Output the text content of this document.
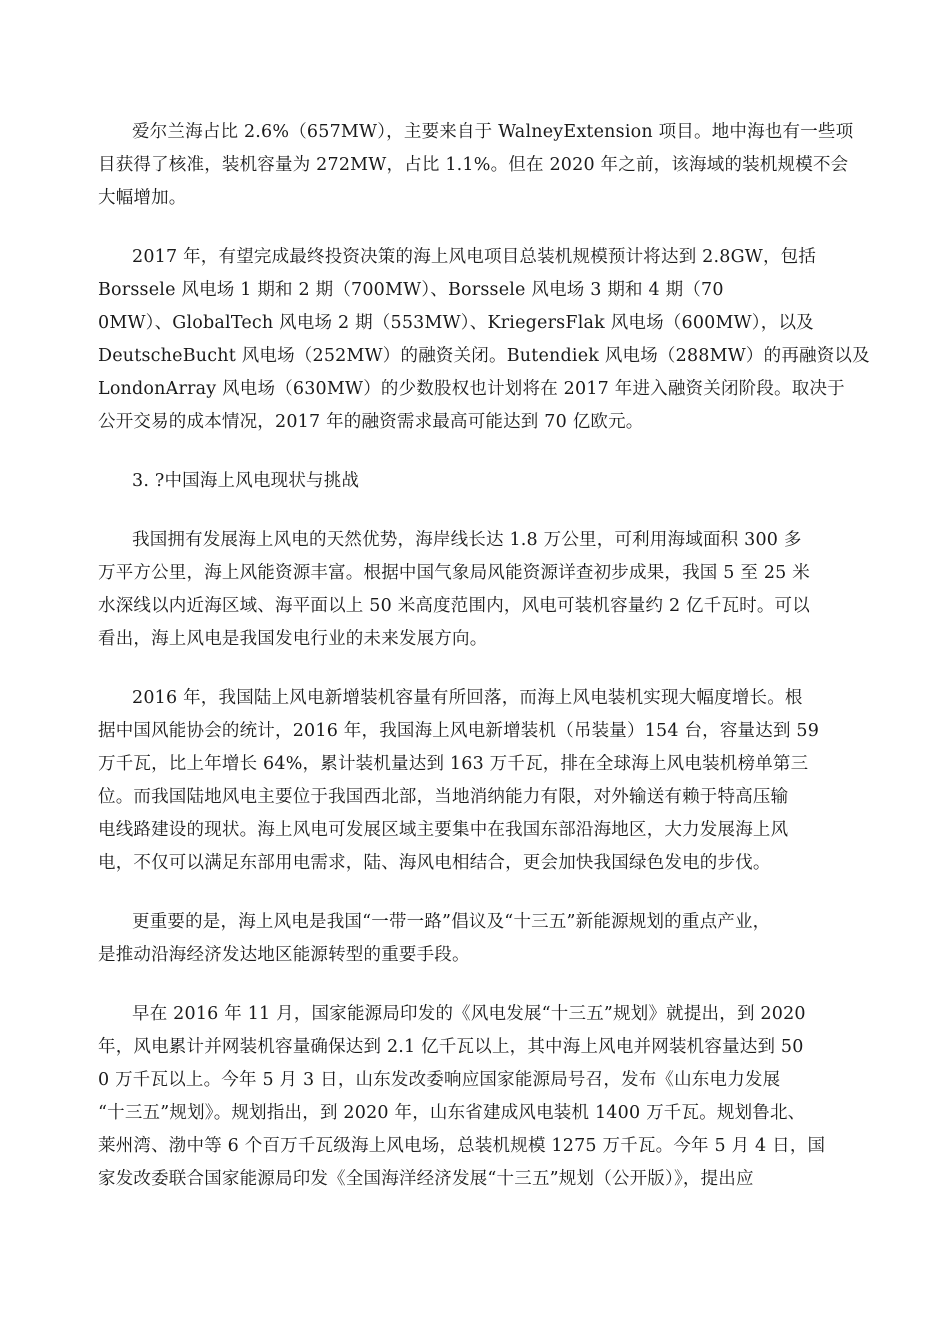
爱尔兰海占比 2.6%（657MW），主要来自于 WalneyExtension 项目。地中海也有一些项
目获得了核准，装机容量为 272MW，占比 1.1%。但在 2020 年之前，该海域的装机规模不会
大幅增加。
2017 年，有望完成最终投资决策的海上风电项目总装机规模预计将达到 2.8GW，包括
Borssele 风电场 1 期和 2 期（700MW）、Borssele 风电场 3 期和 4 期（70
0MW）、GlobalTech 风电场 2 期（553MW）、KriegersFlak 风电场（600MW），以及
DeutscheBucht 风电场（252MW）的融资关闭。Butendiek 风电场（288MW）的再融资以及
LondonArray 风电场（630MW）的少数股权也计划将在 2017 年进入融资关闭阶段。取决于
公开交易的成本情况，2017 年的融资需求最高可能达到 70 亿欧元。
3. ?中国海上风电现状与挑战
我国拥有发展海上风电的天然优势，海岸线长达 1.8 万公里，可利用海域面积 300 多
万平方公里，海上风能资源丰富。根据中国气象局风能资源详查初步成果，我国 5 至 25 米
水深线以内近海区域、海平面以上 50 米高度范围内，风电可装机容量约 2 亿千瓦时。可以
看出，海上风电是我国发电行业的未来发展方向。
2016 年，我国陆上风电新增装机容量有所回落，而海上风电装机实现大幅度增长。根
据中国风能协会的统计，2016 年，我国海上风电新增装机（吊装量）154 台，容量达到 59
万千瓦，比上年增长 64%，累计装机量达到 163 万千瓦，排在全球海上风电装机榜单第三
位。而我国陆地风电主要位于我国西北部，当地消纳能力有限，对外输送有赖于特高压输
电线路建设的现状。海上风电可发展区域主要集中在我国东部沿海地区，大力发展海上风
电，不仅可以满足东部用电需求，陆、海风电相结合，更会加快我国绿色发电的步伐。
更重要的是，海上风电是我国“一带一路”倡议及“十三五”新能源规划的重点产业，
是推动沿海经济发达地区能源转型的重要手段。
早在 2016 年 11 月，国家能源局印发的《风电发展“十三五”规划》就提出，到 2020
年，风电累计并网装机容量确保达到 2.1 亿千瓦以上，其中海上风电并网装机容量达到 50
0 万千瓦以上。今年 5 月 3 日，山东发改委响应国家能源局号召，发布《山东电力发展
“十三五”规划》。规划指出，到 2020 年，山东省建成风电装机 1400 万千瓦。规划鲁北、
莱州湾、渤中等 6 个百万千瓦级海上风电场，总装机规模 1275 万千瓦。今年 5 月 4 日，国
家发改委联合国家能源局印发《全国海洋经济发展“十三五”规划（公开版）》，提出应
